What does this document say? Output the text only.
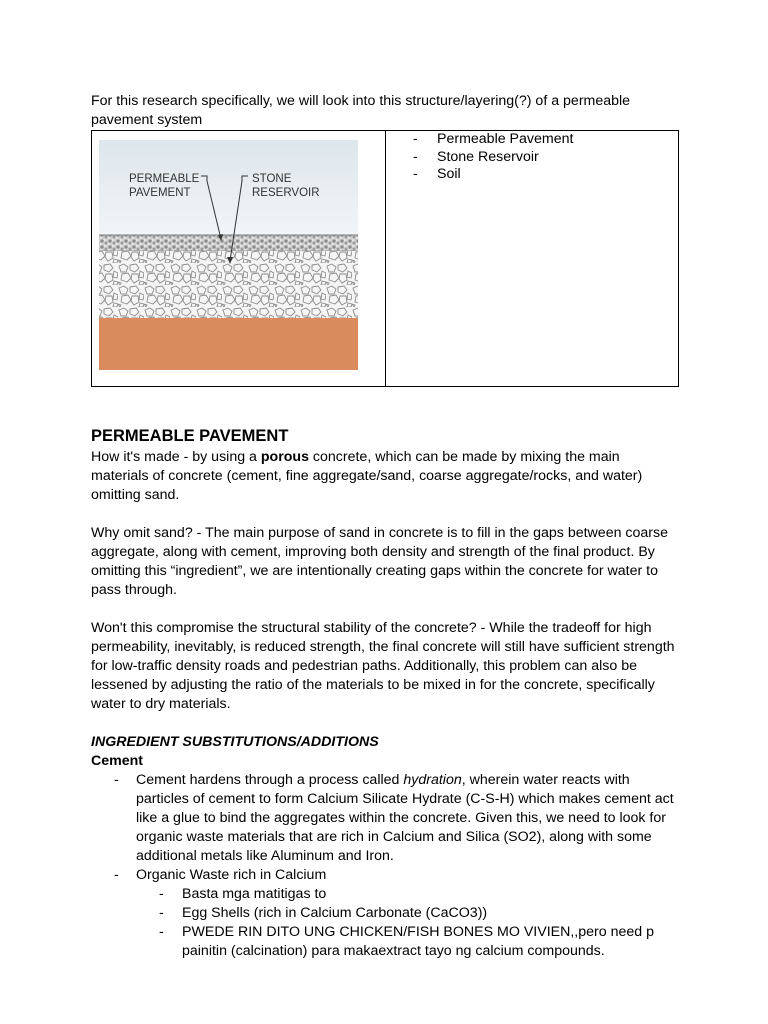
For this research specifically, we will look into this structure/layering(?) of a permeable pavement system

PERMEABLE
PAVEMENT
STONE
RESERVOIR

- Permeable Pavement
- Stone Reservoir
- Soil
PERMEABLE PAVEMENT

How it's made - by using a porous concrete, which can be made by mixing the main materials of concrete (cement, fine aggregate/sand, coarse aggregate/rocks, and water) omitting sand.

Why omit sand? - The main purpose of sand in concrete is to fill in the gaps between coarse aggregate, along with cement, improving both density and strength of the final product. By omitting this “ingredient”, we are intentionally creating gaps within the concrete for water to pass through.

Won't this compromise the structural stability of the concrete? - While the tradeoff for high permeability, inevitably, is reduced strength, the final concrete will still have sufficient strength for low-traffic density roads and pedestrian paths. Additionally, this problem can also be lessened by adjusting the ratio of the materials to be mixed in for the concrete, specifically water to dry materials.

INGREDIENT SUBSTITUTIONS/ADDITIONS

Cement

- Cement hardens through a process called hydration, wherein water reacts with particles of cement to form Calcium Silicate Hydrate (C-S-H) which makes cement act like a glue to bind the aggregates within the concrete. Given this, we need to look for organic waste materials that are rich in Calcium and Silica (SO2), along with some additional metals like Aluminum and Iron.
- Organic Waste rich in Calcium
- Basta mga matitigas to
- Egg Shells (rich in Calcium Carbonate (CaCO3))
- PWEDE RIN DITO UNG CHICKEN/FISH BONES MO VIVIEN,,pero need p painitin (calcination) para makaextract tayo ng calcium compounds.
